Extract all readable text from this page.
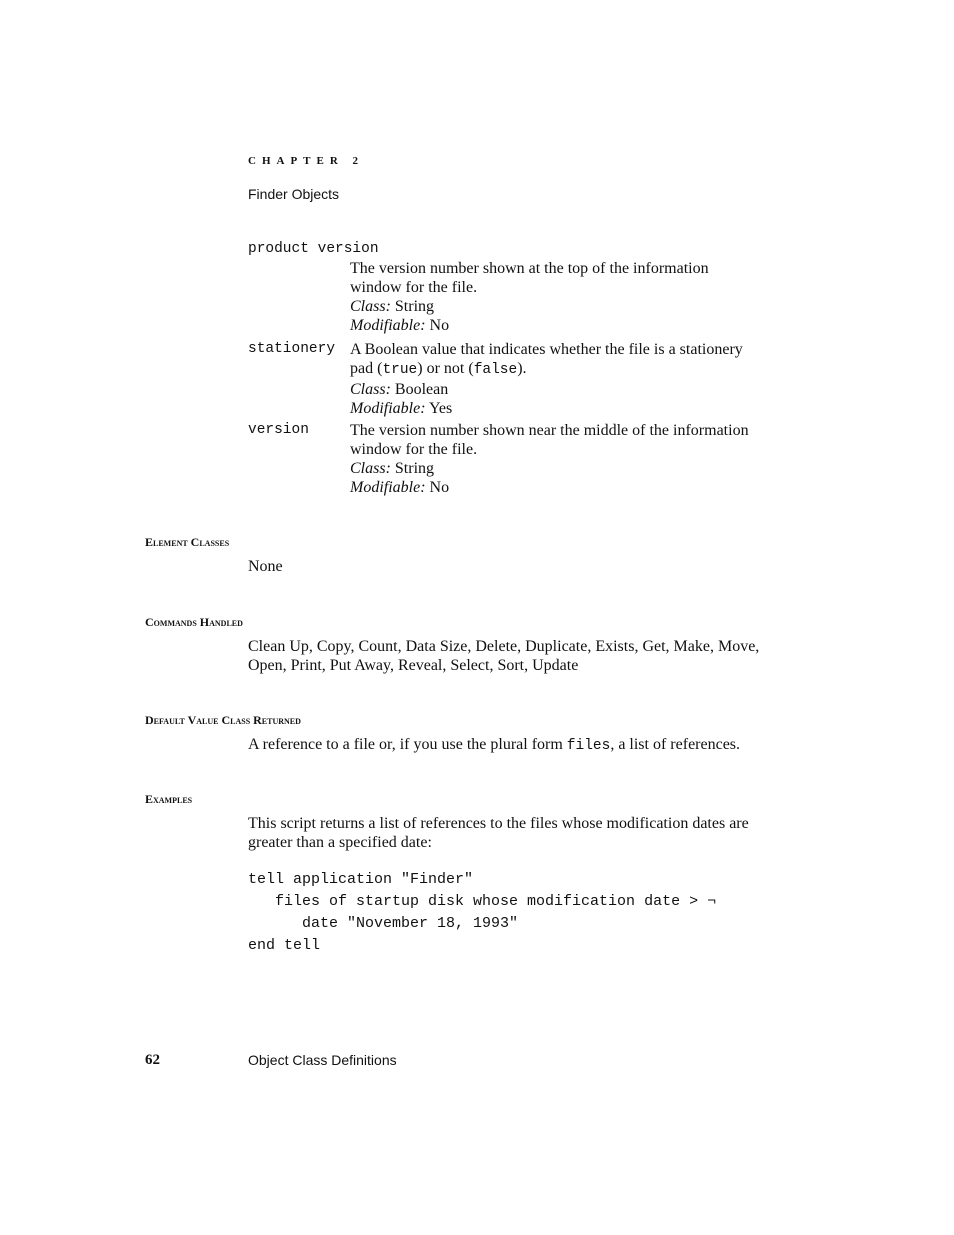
CHAPTER 2
Finder Objects
product version
The version number shown at the top of the information
window for the file.
Class: String
Modifiable: No
stationery A Boolean value that indicates whether the file is a stationery
pad (true) or not (false).
Class: Boolean
Modifiable: Yes
version	The version number shown near the middle of the information
window for the file.
Class: String
Modifiable: No
Element Classes
None
Commands Handled
Clean Up, Copy, Count, Data Size, Delete, Duplicate, Exists, Get, Make, Move,
Open, Print, Put Away, Reveal, Select, Sort, Update
Default Value Class Returned
A reference to a file or, if you use the plural form files, a list of references.
Examples
This script returns a list of references to the files whose modification dates are
greater than a specified date:
tell application "Finder"
files of startup disk whose modification date > ¬
date "November 18, 1993"
end tell
62	Object Class Definitions
